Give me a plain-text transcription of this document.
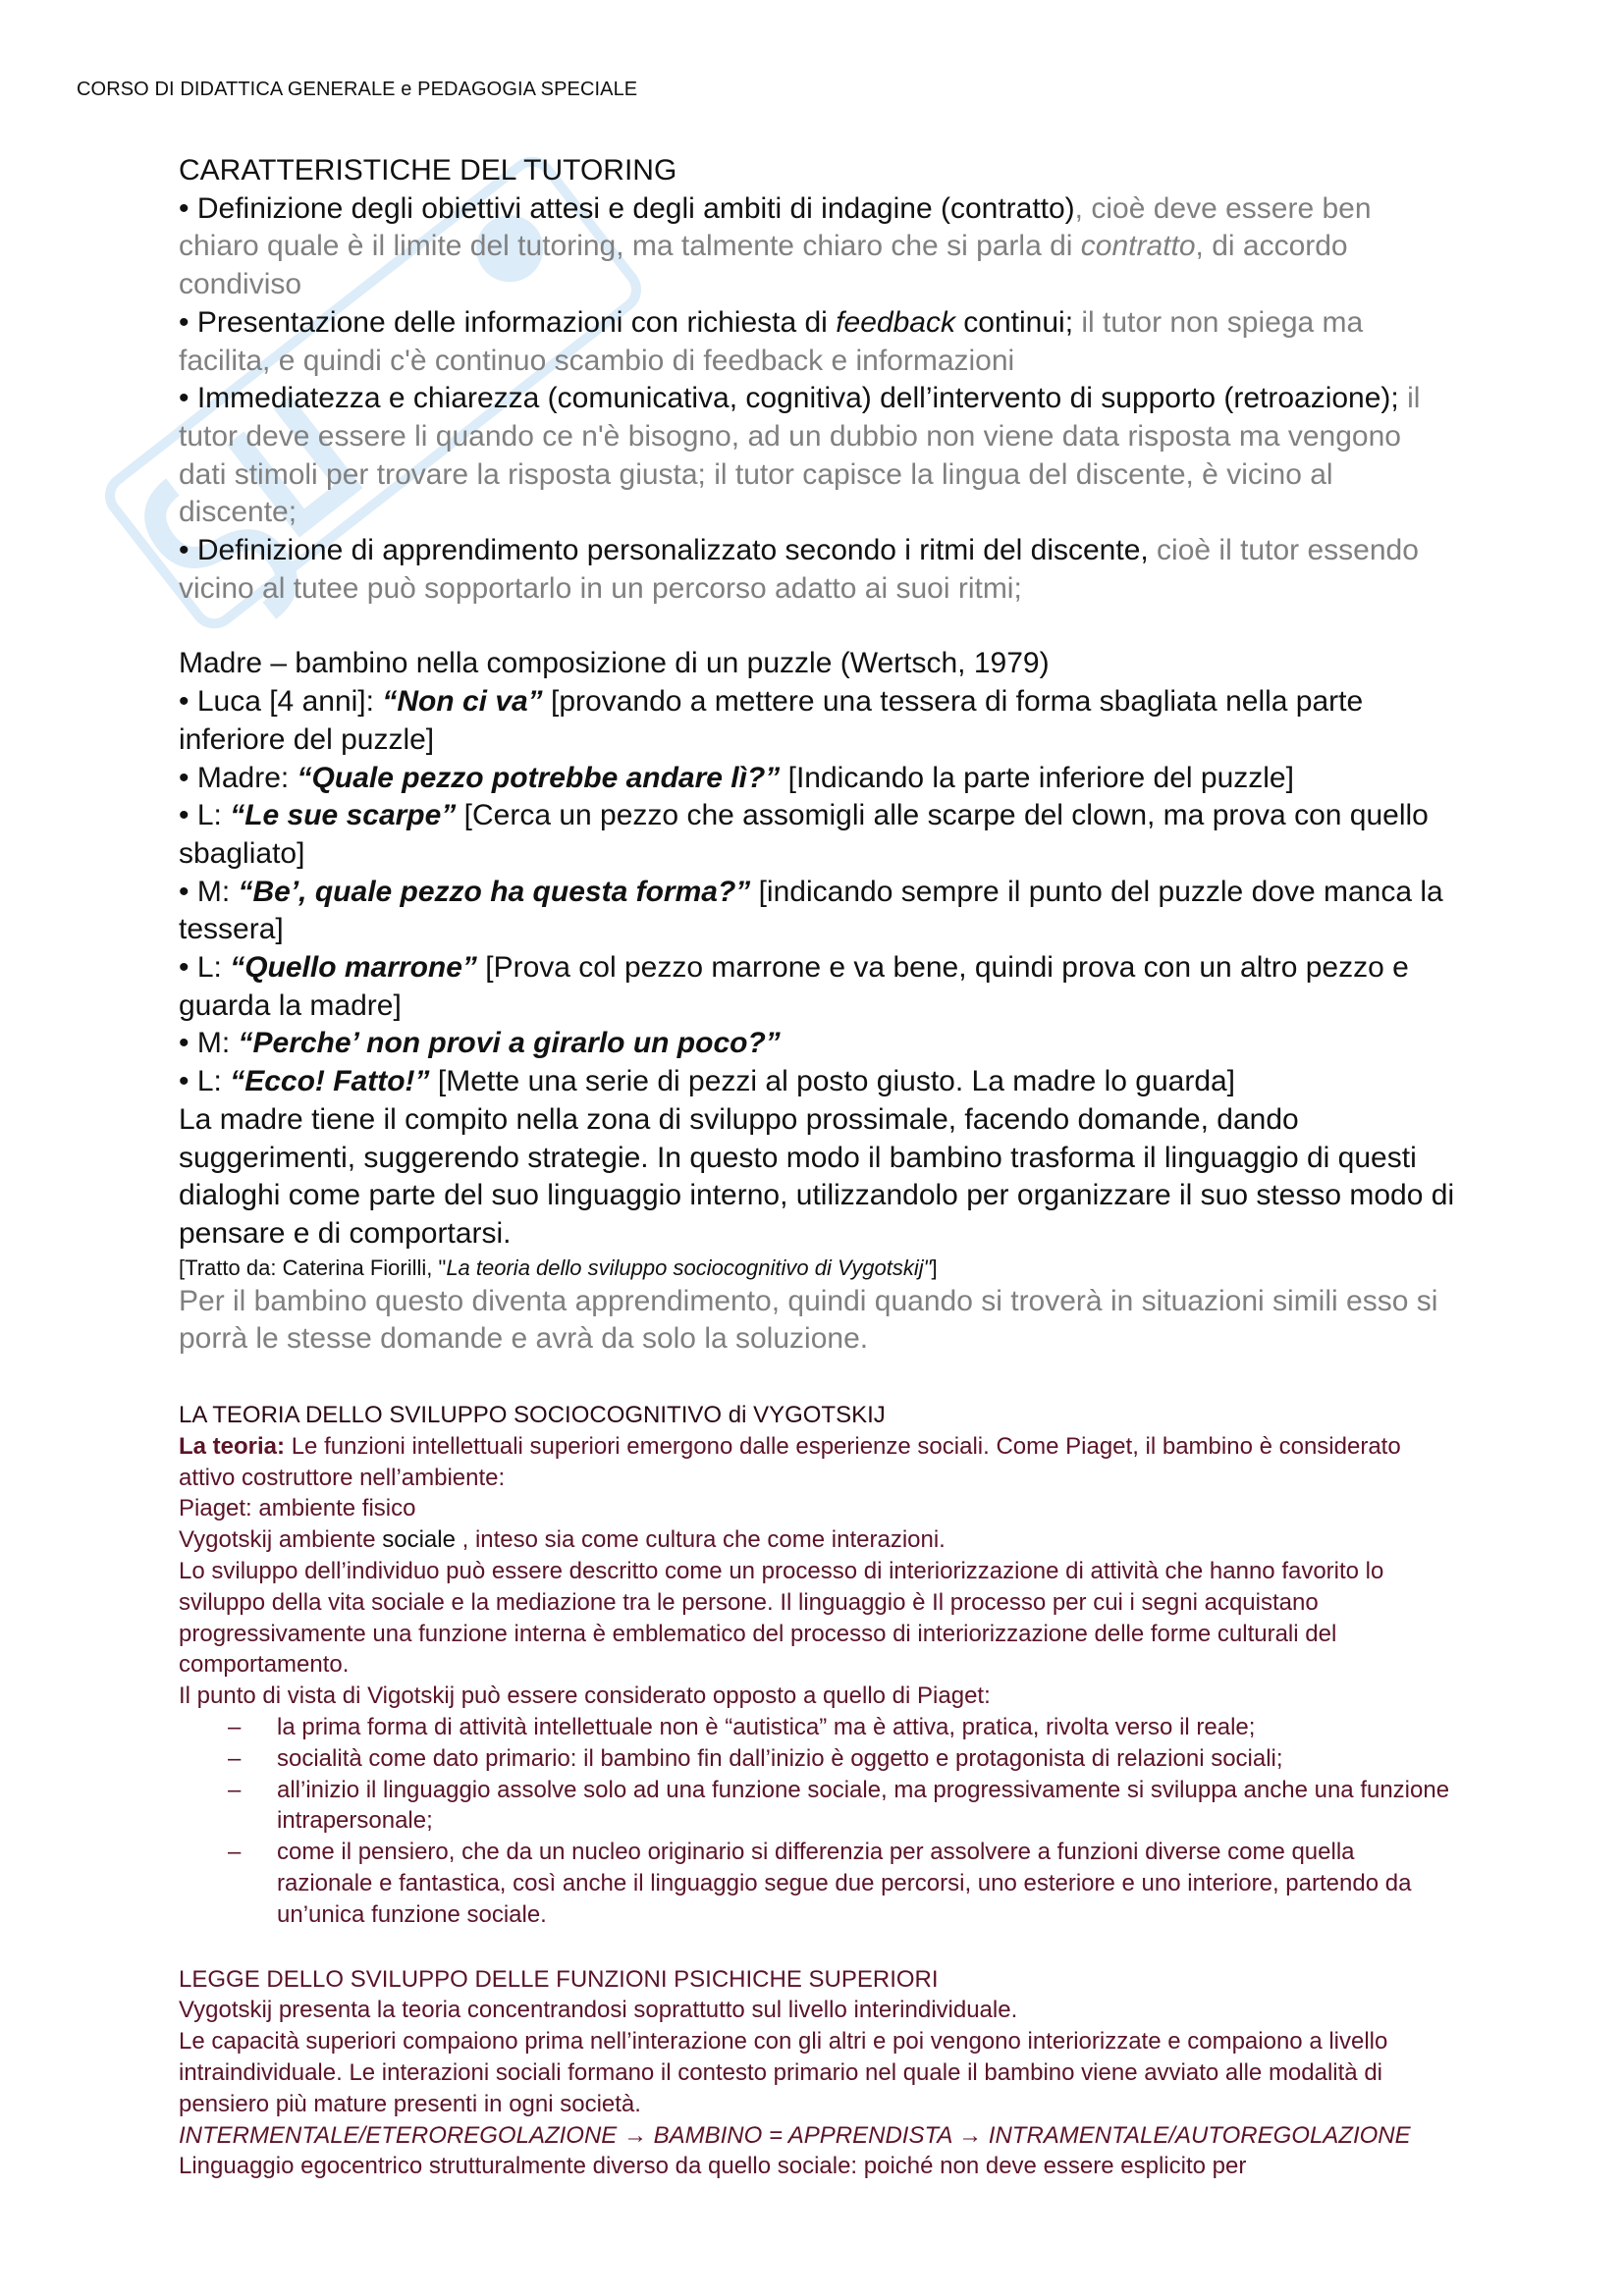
CORSO DI DIDATTICA GENERALE e PEDAGOGIA SPECIALE

CARATTERISTICHE DEL TUTORING

• Definizione degli obiettivi attesi e degli ambiti di indagine (contratto), cioè deve essere ben chiaro quale è il limite del tutoring, ma talmente chiaro che si parla di contratto, di accordo condiviso

• Presentazione delle informazioni con richiesta di feedback continui; il tutor non spiega ma facilita, e quindi c'è continuo scambio di feedback e informazioni

• Immediatezza e chiarezza (comunicativa, cognitiva) dell’intervento di supporto (retroazione); il tutor deve essere li quando ce n'è bisogno, ad un dubbio non viene data risposta ma vengono dati stimoli per trovare la risposta giusta; il tutor capisce la lingua del discente, è vicino al discente;

• Definizione di apprendimento personalizzato secondo i ritmi del discente, cioè il tutor essendo vicino al tutee può sopportarlo in un percorso adatto ai suoi ritmi;

Madre – bambino nella composizione di un puzzle (Wertsch, 1979)

• Luca [4 anni]: “Non ci va” [provando a mettere una tessera di forma sbagliata nella parte inferiore del puzzle]

• Madre: “Quale pezzo potrebbe andare lì?” [Indicando la parte inferiore del puzzle]

• L: “Le sue scarpe” [Cerca un pezzo che assomigli alle scarpe del clown, ma prova con quello sbagliato]

• M: “Be’, quale pezzo ha questa forma?” [indicando sempre il punto del puzzle dove manca la tessera]

• L: “Quello marrone” [Prova col pezzo marrone e va bene, quindi prova con un altro pezzo e guarda la madre]

• M: “Perche’ non provi a girarlo un poco?”

• L: “Ecco! Fatto!” [Mette una serie di pezzi al posto giusto. La madre lo guarda]

La madre tiene il compito nella zona di sviluppo prossimale, facendo domande, dando suggerimenti, suggerendo strategie. In questo modo il bambino trasforma il linguaggio di questi dialoghi come parte del suo linguaggio interno, utilizzandolo per organizzare il suo stesso modo di pensare e di comportarsi.

[Tratto da: Caterina Fiorilli, "La teoria dello sviluppo sociocognitivo di Vygotskij"]

Per il bambino questo diventa apprendimento, quindi quando si troverà in situazioni simili esso si porrà le stesse domande e avrà da solo la soluzione.

LA TEORIA DELLO SVILUPPO SOCIOCOGNITIVO di VYGOTSKIJ

La teoria: Le funzioni intellettuali superiori emergono dalle esperienze sociali. Come Piaget, il bambino è considerato attivo costruttore nell’ambiente:

Piaget: ambiente fisico

Vygotskij ambiente sociale , inteso sia come cultura che come interazioni.

Lo sviluppo dell’individuo può essere descritto come un processo di interiorizzazione di attività che hanno favorito lo sviluppo della vita sociale e la mediazione tra le persone. Il linguaggio è Il processo per cui i segni acquistano progressivamente una funzione interna è emblematico del processo di interiorizzazione delle forme culturali del comportamento.

Il punto di vista di Vigotskij può essere considerato opposto a quello di Piaget:

– la prima forma di attività intellettuale non è “autistica” ma è attiva, pratica, rivolta verso il reale;
– socialità come dato primario: il bambino fin dall’inizio è oggetto e protagonista di relazioni sociali;
– all’inizio il linguaggio assolve solo ad una funzione sociale, ma progressivamente si sviluppa anche una funzione intrapersonale;
– come il pensiero, che da un nucleo originario si differenzia per assolvere a funzioni diverse come quella razionale e fantastica, così anche il linguaggio segue due percorsi, uno esteriore e uno interiore, partendo da un’unica funzione sociale.

LEGGE DELLO SVILUPPO DELLE FUNZIONI PSICHICHE SUPERIORI

Vygotskij presenta la teoria concentrandosi soprattutto sul livello interindividuale.

Le capacità superiori compaiono prima nell’interazione con gli altri e poi vengono interiorizzate e compaiono a livello intraindividuale. Le interazioni sociali formano il contesto primario nel quale il bambino viene avviato alle modalità di pensiero più mature presenti in ogni società.

INTERMENTALE/ETEROREGOLAZIONE → BAMBINO = APPRENDISTA → INTRAMENTALE/AUTOREGOLAZIONE

Linguaggio egocentrico strutturalmente diverso da quello sociale: poiché non deve essere esplicito per
